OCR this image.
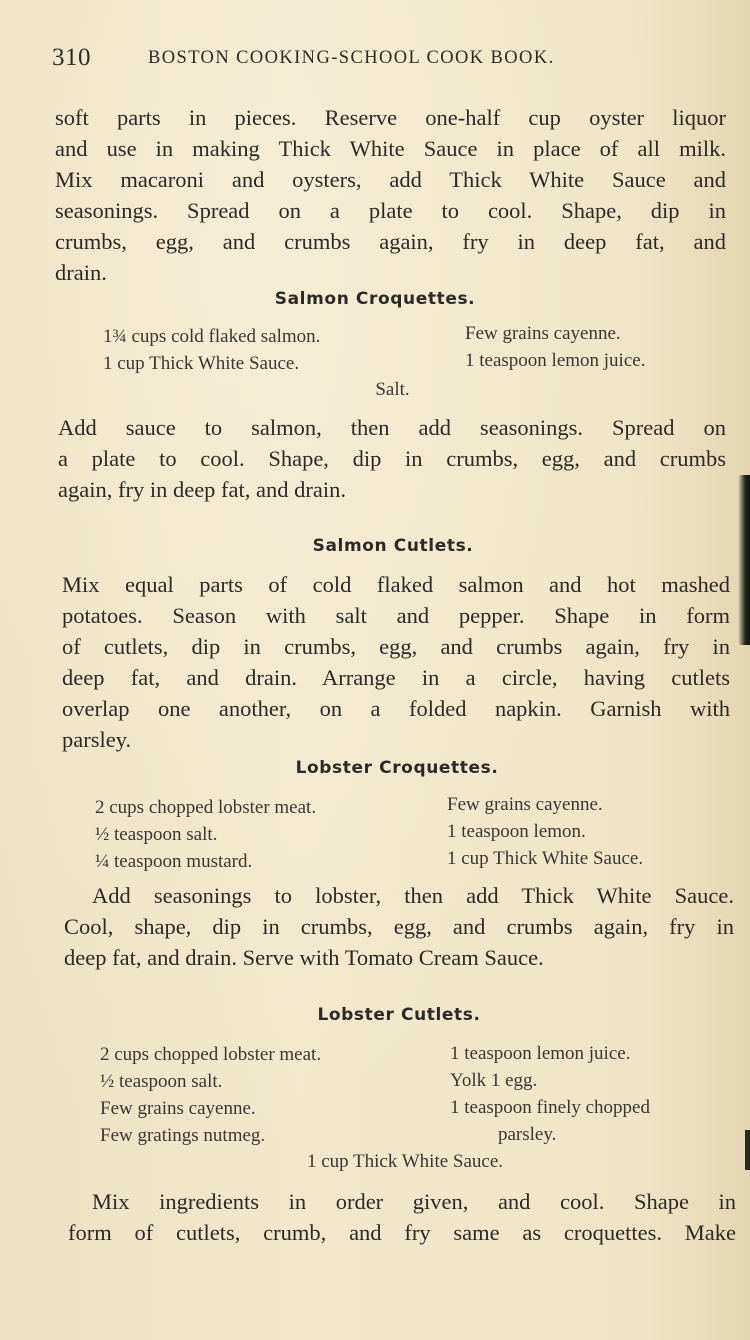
310	BOSTON COOKING-SCHOOL COOK BOOK.
soft parts in pieces. Reserve one-half cup oyster liquor
and use in making Thick White Sauce in place of all milk.
Mix macaroni and oysters, add Thick White Sauce and
seasonings. Spread on a plate to cool. Shape, dip in
crumbs, egg, and crumbs again, fry in deep fat, and
drain.
Salmon Croquettes.
1¾ cups cold flaked salmon.
1 cup Thick White Sauce.
Few grains cayenne.
1 teaspoon lemon juice.
Salt.
Add sauce to salmon, then add seasonings. Spread on
a plate to cool. Shape, dip in crumbs, egg, and crumbs
again, fry in deep fat, and drain.
Salmon Cutlets.
Mix equal parts of cold flaked salmon and hot mashed
potatoes. Season with salt and pepper. Shape in form
of cutlets, dip in crumbs, egg, and crumbs again, fry in
deep fat, and drain. Arrange in a circle, having cutlets
overlap one another, on a folded napkin. Garnish with
parsley.
Lobster Croquettes.
2 cups chopped lobster meat.
½ teaspoon salt.
¼ teaspoon mustard.
Few grains cayenne.
1 teaspoon lemon.
1 cup Thick White Sauce.
Add seasonings to lobster, then add Thick White Sauce.
Cool, shape, dip in crumbs, egg, and crumbs again, fry in
deep fat, and drain. Serve with Tomato Cream Sauce.
Lobster Cutlets.
2 cups chopped lobster meat.
½ teaspoon salt.
Few grains cayenne.
Few gratings nutmeg.
1 teaspoon lemon juice.
Yolk 1 egg.
1 teaspoon finely chopped
parsley.
1 cup Thick White Sauce.
Mix ingredients in order given, and cool. Shape in
form of cutlets, crumb, and fry same as croquettes. Make
